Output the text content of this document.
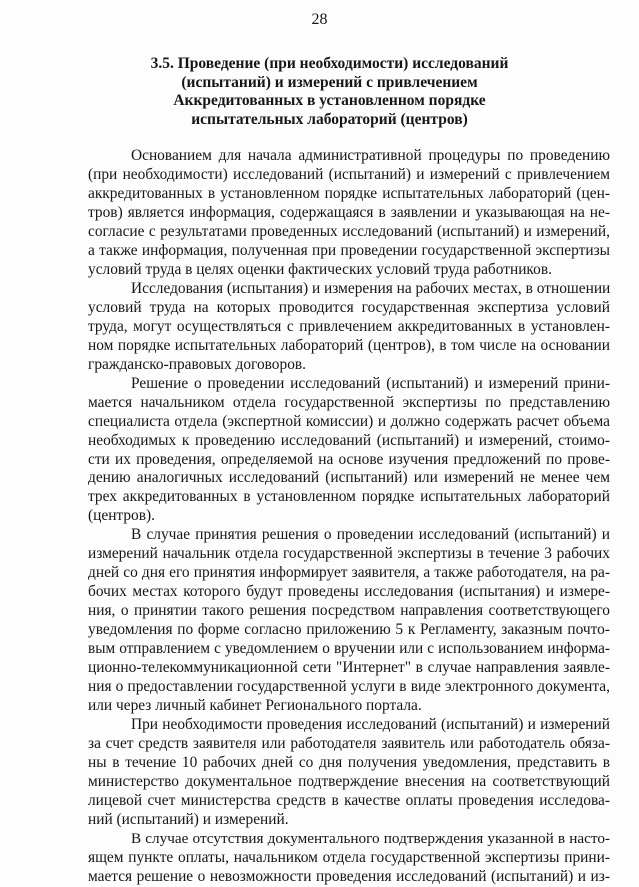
28
3.5. Проведение (при необходимости) исследований
(испытаний) и измерений с привлечением
Аккредитованных в установленном порядке
испытательных лабораторий (центров)
Основанием для начала административной процедуры по проведению
(при необходимости) исследований (испытаний) и измерений с привлечением
аккредитованных в установленном порядке испытательных лабораторий (цен-
тров) является информация, содержащаяся в заявлении и указывающая на не-
согласие с результатами проведенных исследований (испытаний) и измерений,
а также информация, полученная при проведении государственной экспертизы
условий труда в целях оценки фактических условий труда работников.
Исследования (испытания) и измерения на рабочих местах, в отношении
условий труда на которых проводится государственная экспертиза условий
труда, могут осуществляться с привлечением аккредитованных в установлен-
ном порядке испытательных лабораторий (центров), в том числе на основании
гражданско-правовых договоров.
Решение о проведении исследований (испытаний) и измерений прини-
мается начальником отдела государственной экспертизы по представлению
специалиста отдела (экспертной комиссии) и должно содержать расчет объема
необходимых к проведению исследований (испытаний) и измерений, стоимо-
сти их проведения, определяемой на основе изучения предложений по прове-
дению аналогичных исследований (испытаний) или измерений не менее чем
трех аккредитованных в установленном порядке испытательных лабораторий
(центров).
В случае принятия решения о проведении исследований (испытаний) и
измерений начальник отдела государственной экспертизы в течение 3 рабочих
дней со дня его принятия информирует заявителя, а также работодателя, на ра-
бочих местах которого будут проведены исследования (испытания) и измере-
ния, о принятии такого решения посредством направления соответствующего
уведомления по форме согласно приложению 5 к Регламенту, заказным почто-
вым отправлением с уведомлением о вручении или с использованием информа-
ционно-телекоммуникационной сети "Интернет" в случае направления заявле-
ния о предоставлении государственной услуги в виде электронного документа,
или через личный кабинет Регионального портала.
При необходимости проведения исследований (испытаний) и измерений
за счет средств заявителя или работодателя заявитель или работодатель обяза-
ны в течение 10 рабочих дней со дня получения уведомления, представить в
министерство документальное подтверждение внесения на соответствующий
лицевой счет министерства средств в качестве оплаты проведения исследова-
ний (испытаний) и измерений.
В случае отсутствия документального подтверждения указанной в насто-
ящем пункте оплаты, начальником отдела государственной экспертизы прини-
мается решение о невозможности проведения исследований (испытаний) и из-
